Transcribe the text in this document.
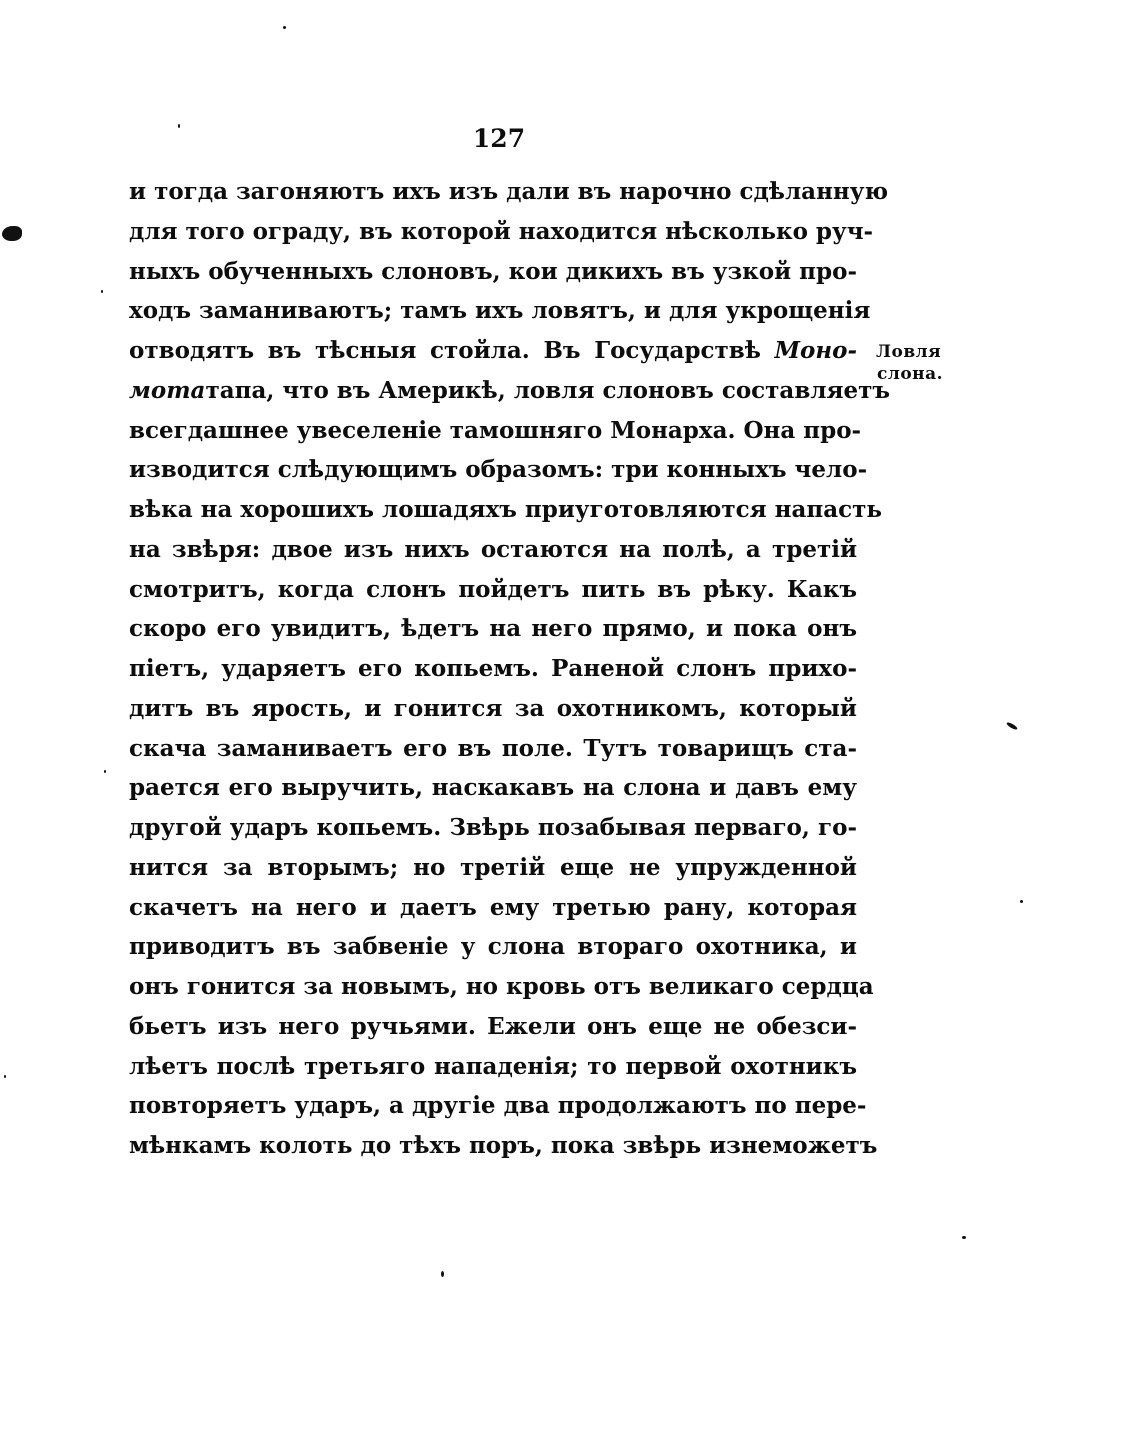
127
и тогда загоняютъ ихъ изъ дали въ нарочно сдѣланную
для того ограду, въ которой находится нѣсколько руч-
ныхъ обученныхъ слоновъ, кои дикихъ въ узкой про-
ходъ заманиваютъ; тамъ ихъ ловятъ, и для укрощенія
отводятъ въ тѣсныя стойла. Въ Государствѣ Моно-
мотатапа, что въ Америкѣ, ловля слоновъ составляетъ
всегдашнее увеселеніе тамошняго Монарха. Она про-
изводится слѣдующимъ образомъ: три конныхъ чело-
вѣка на хорошихъ лошадяхъ приуготовляются напасть
на звѣря: двое изъ нихъ остаются на полѣ, а третій
смотритъ, когда слонъ пойдетъ пить въ рѣку. Какъ
скоро его увидитъ, ѣдетъ на него прямо, и пока онъ
піетъ, ударяетъ его копьемъ. Раненой слонъ прихо-
дитъ въ ярость, и гонится за охотникомъ, который
скача заманиваетъ его въ поле. Тутъ товарищъ ста-
рается его выручить, наскакавъ на слона и давъ ему
другой ударъ копьемъ. Звѣрь позабывая перваго, го-
нится за вторымъ; но третій еще не упружденной
скачетъ на него и даетъ ему третью рану, которая
приводитъ въ забвеніе у слона втораго охотника, и
онъ гонится за новымъ, но кровь отъ великаго сердца
бьетъ изъ него ручьями. Ежели онъ еще не обезси-
лѣетъ послѣ третьяго нападенія; то первой охотникъ
повторяетъ ударъ, а другіе два продолжаютъ по пере-
мѣнкамъ колоть до тѣхъ поръ, пока звѣрь изнеможетъ
Ловля
слона.
